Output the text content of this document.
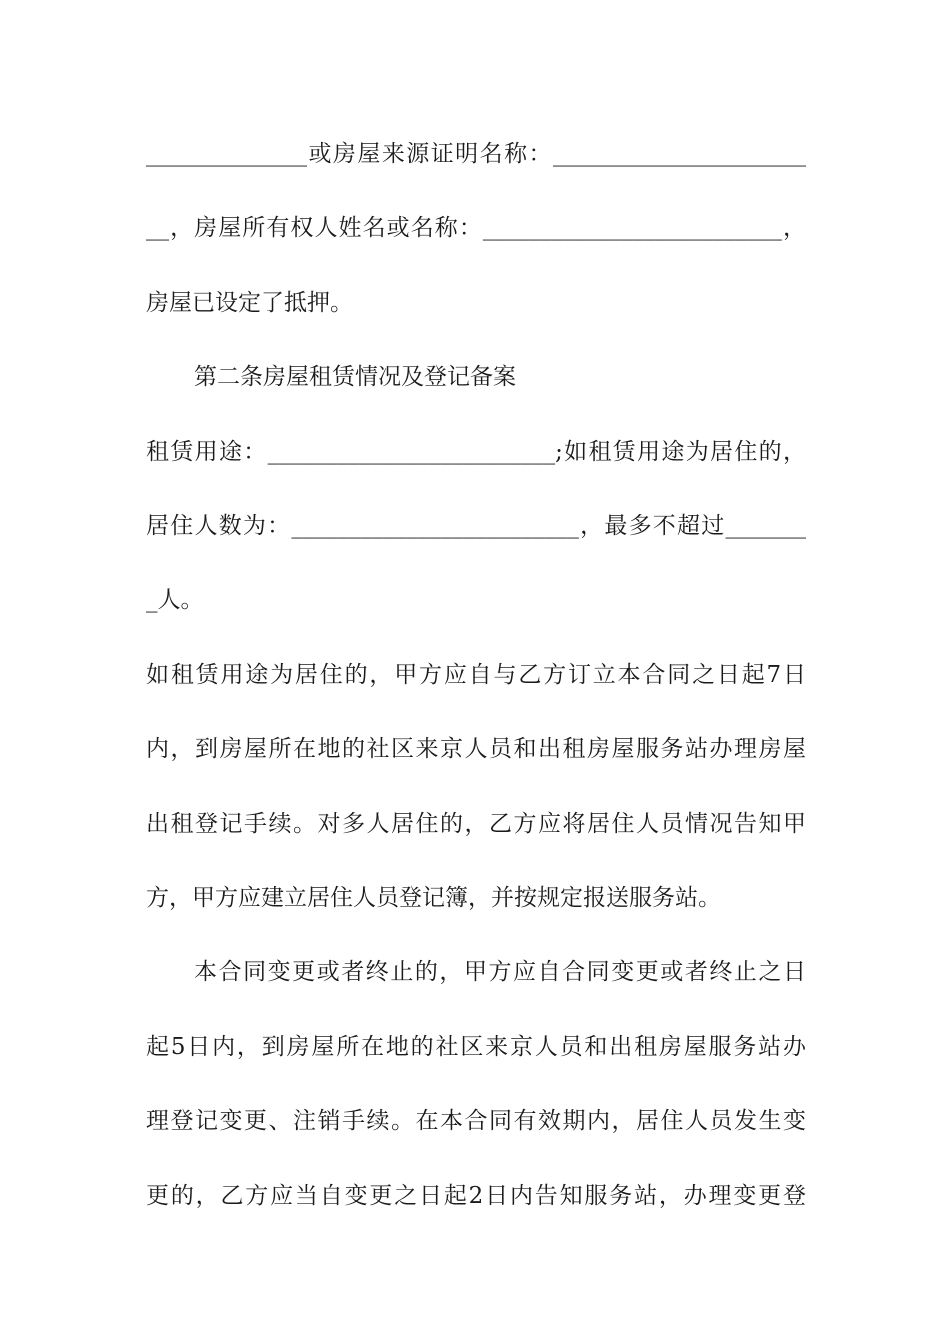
______________或房屋来源证明名称：______________________
__，房屋所有权人姓名或名称：__________________________，
房屋已设定了抵押。
第二条房屋租赁情况及登记备案
租赁用途：_________________________;如租赁用途为居住的，
居住人数为：_________________________，最多不超过_______
_人。
如租赁用途为居住的，甲方应自与乙方订立本合同之日起7日
内，到房屋所在地的社区来京人员和出租房屋服务站办理房屋
出租登记手续。对多人居住的，乙方应将居住人员情况告知甲
方，甲方应建立居住人员登记簿，并按规定报送服务站。
本合同变更或者终止的，甲方应自合同变更或者终止之日
起5日内，到房屋所在地的社区来京人员和出租房屋服务站办
理登记变更、注销手续。在本合同有效期内，居住人员发生变
更的，乙方应当自变更之日起2日内告知服务站，办理变更登
